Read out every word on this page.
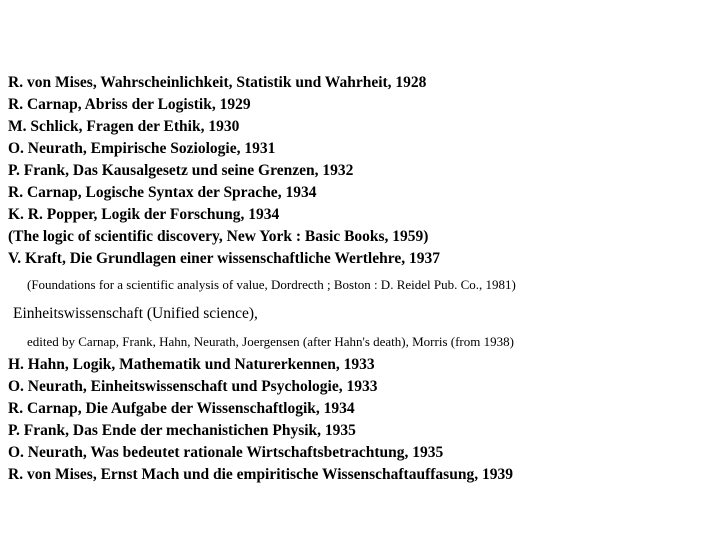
R. von Mises, Wahrscheinlichkeit, Statistik und Wahrheit, 1928
R. Carnap, Abriss der Logistik, 1929
M. Schlick, Fragen der Ethik, 1930
O. Neurath, Empirische Soziologie, 1931
P. Frank, Das Kausalgesetz und seine Grenzen, 1932
R. Carnap, Logische Syntax der Sprache, 1934
K. R. Popper, Logik der Forschung, 1934
(The logic of scientific discovery, New York : Basic Books, 1959)
V. Kraft, Die Grundlagen einer wissenschaftliche Wertlehre, 1937
(Foundations for a scientific analysis of value, Dordrecth ; Boston : D. Reidel Pub. Co., 1981)
Einheitswissenschaft (Unified science),
edited by Carnap, Frank, Hahn, Neurath, Joergensen (after Hahn's death), Morris (from 1938)
H. Hahn, Logik, Mathematik und Naturerkennen, 1933
O. Neurath, Einheitswissenschaft und Psychologie, 1933
R. Carnap, Die Aufgabe der Wissenschaftlogik, 1934
P. Frank, Das Ende der mechanistichen Physik, 1935
O. Neurath, Was bedeutet rationale Wirtschaftsbetrachtung, 1935
R. von Mises, Ernst Mach und die empiritische Wissenschaftauffasung, 1939
